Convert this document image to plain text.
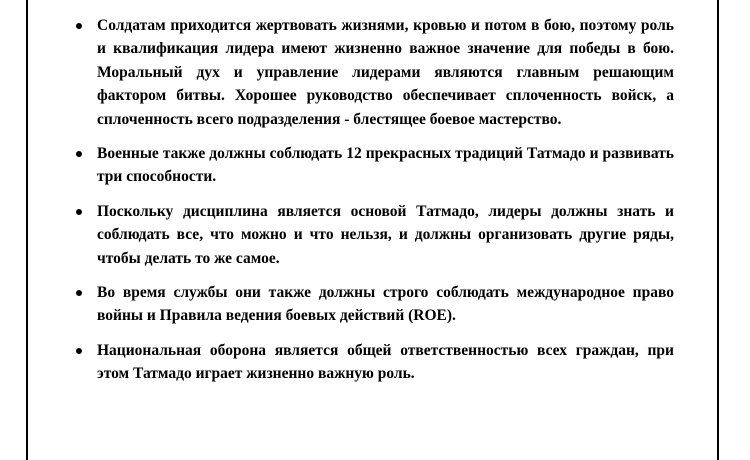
Солдатам приходится жертвовать жизнями, кровью и потом в бою, поэтому роль и квалификация лидера имеют жизненно важное значение для победы в бою. Моральный дух и управление лидерами являются главным решающим фактором битвы. Хорошее руководство обеспечивает сплоченность войск, а сплоченность всего подразделения - блестящее боевое мастерство.
Военные также должны соблюдать 12 прекрасных традиций Татмадо и развивать три способности.
Поскольку дисциплина является основой Татмадо, лидеры должны знать и соблюдать все, что можно и что нельзя, и должны организовать другие ряды, чтобы делать то же самое.
Во время службы они также должны строго соблюдать международное право войны и Правила ведения боевых действий (ROE).
Национальная оборона является общей ответственностью всех граждан, при этом Татмадо играет жизненно важную роль.
